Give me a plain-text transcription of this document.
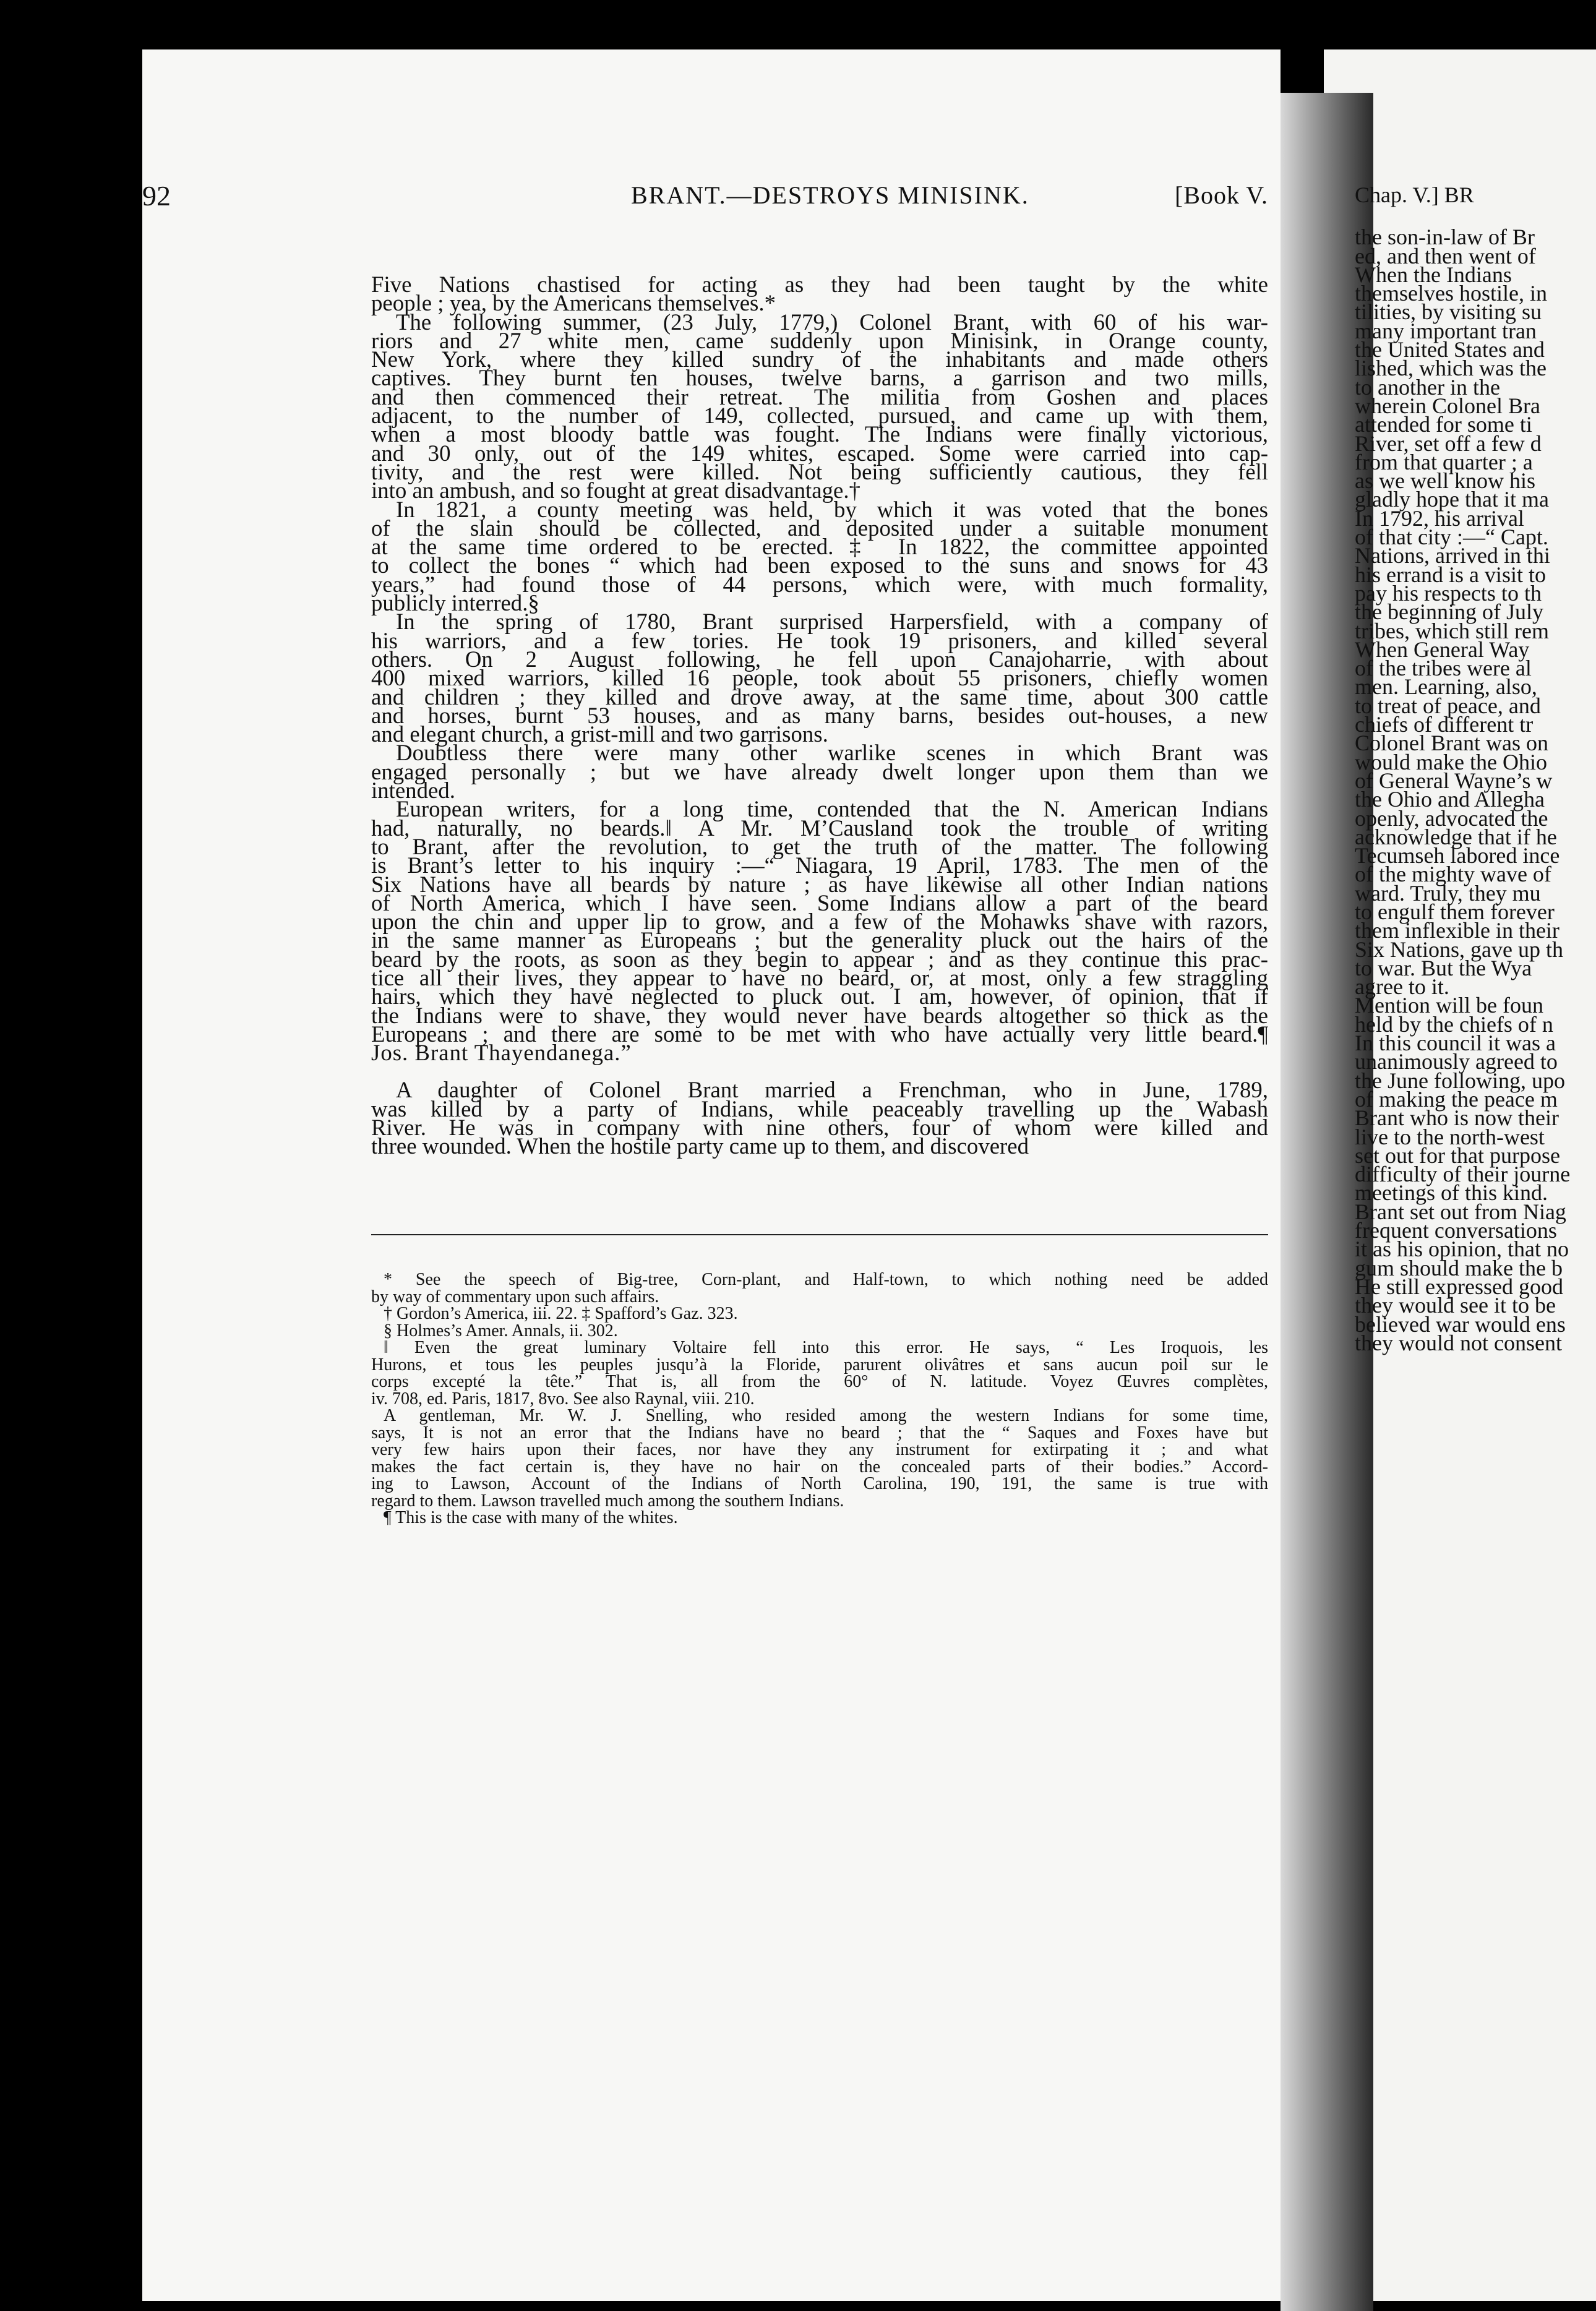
92	BRANT.—DESTROYS MINISINK.	[Book V.
Five Nations chastised for acting as they had been taught by the white
people ; yea, by the Americans themselves.*
The following summer, (23 July, 1779,) Colonel Brant, with 60 of his war-
riors and 27 white men, came suddenly upon Minisink, in Orange county,
New York, where they killed sundry of the inhabitants and made others
captives. They burnt ten houses, twelve barns, a garrison and two mills,
and then commenced their retreat. The militia from Goshen and places
adjacent, to the number of 149, collected, pursued, and came up with them,
when a most bloody battle was fought. The Indians were finally victorious,
and 30 only, out of the 149 whites, escaped. Some were carried into cap-
tivity, and the rest were killed. Not being sufficiently cautious, they fell
into an ambush, and so fought at great disadvantage.†
In 1821, a county meeting was held, by which it was voted that the bones
of the slain should be collected, and deposited under a suitable monument
at the same time ordered to be erected.‡ In 1822, the committee appointed
to collect the bones “ which had been exposed to the suns and snows for 43
years,” had found those of 44 persons, which were, with much formality,
publicly interred.§
In the spring of 1780, Brant surprised Harpersfield, with a company of
his warriors, and a few tories. He took 19 prisoners, and killed several
others. On 2 August following, he fell upon Canajoharrie, with about
400 mixed warriors, killed 16 people, took about 55 prisoners, chiefly women
and children ; they killed and drove away, at the same time, about 300 cattle
and horses, burnt 53 houses, and as many barns, besides out-houses, a new
and elegant church, a grist-mill and two garrisons.
Doubtless there were many other warlike scenes in which Brant was
engaged personally ; but we have already dwelt longer upon them than we
intended.
European writers, for a long time, contended that the N. American Indians
had, naturally, no beards.‖ A Mr. M’Causland took the trouble of writing
to Brant, after the revolution, to get the truth of the matter. The following
is Brant’s letter to his inquiry :—“ Niagara, 19 April, 1783. The men of the
Six Nations have all beards by nature ; as have likewise all other Indian nations
of North America, which I have seen. Some Indians allow a part of the beard
upon the chin and upper lip to grow, and a few of the Mohawks shave with razors,
in the same manner as Europeans ; but the generality pluck out the hairs of the
beard by the roots, as soon as they begin to appear ; and as they continue this prac-
tice all their lives, they appear to have no beard, or, at most, only a few straggling
hairs, which they have neglected to pluck out. I am, however, of opinion, that if
the Indians were to shave, they would never have beards altogether so thick as the
Europeans ; and there are some to be met with who have actually very little beard.¶
Jos. Brant Thayendanega.”
A daughter of Colonel Brant married a Frenchman, who in June, 1789,
was killed by a party of Indians, while peaceably travelling up the Wabash
River. He was in company with nine others, four of whom were killed and
three wounded. When the hostile party came up to them, and discovered
* See the speech of Big-tree, Corn-plant, and Half-town, to which nothing need be added
by way of commentary upon such affairs.
† Gordon’s America, iii. 22. ‡ Spafford’s Gaz. 323.
§ Holmes’s Amer. Annals, ii. 302.
‖ Even the great luminary Voltaire fell into this error. He says, “ Les Iroquois, les
Hurons, et tous les peuples jusqu’à la Floride, parurent olivâtres et sans aucun poil sur le
corps excepté la tête.” That is, all from the 60° of N. latitude. Voyez Œuvres complètes,
iv. 708, ed. Paris, 1817, 8vo. See also Raynal, viii. 210.
A gentleman, Mr. W. J. Snelling, who resided among the western Indians for some time,
says, It is not an error that the Indians have no beard ; that the “ Saques and Foxes have but
very few hairs upon their faces, nor have they any instrument for extirpating it ; and what
makes the fact certain is, they have no hair on the concealed parts of their bodies.” Accord-
ing to Lawson, Account of the Indians of North Carolina, 190, 191, the same is true with
regard to them. Lawson travelled much among the southern Indians.
¶ This is the case with many of the whites.
Chap. V.] BR
the son-in-law of Br
ed, and then went of
When the Indians
themselves hostile, in
tilities, by visiting su
many important tran
the United States and
lished, which was the
to another in the
wherein Colonel Bra
attended for some ti
River, set off a few d
from that quarter ; a
as we well know his
gladly hope that it ma
In 1792, his arrival
of that city :—“ Capt.
Nations, arrived in thi
his errand is a visit to
pay his respects to th
the beginning of July
tribes, which still rem
When General Way
of the tribes were al
men. Learning, also,
to treat of peace, and
chiefs of different tr
Colonel Brant was on
would make the Ohio
of General Wayne’s w
the Ohio and Allegha
openly, advocated the
acknowledge that if he
Tecumseh labored ince
of the mighty wave of
ward. Truly, they mu
to engulf them forever
them inflexible in their
Six Nations, gave up th
to war. But the Wya
agree to it.
Mention will be foun
held by the chiefs of n
In this council it was a
unanimously agreed to
the June following, upo
of making the peace m
Brant who is now their
live to the north-west
set out for that purpose
difficulty of their journe
meetings of this kind.
Brant set out from Niag
frequent conversations
it as his opinion, that no
gum should make the b
He still expressed good
they would see it to be
believed war would ens
they would not consent
